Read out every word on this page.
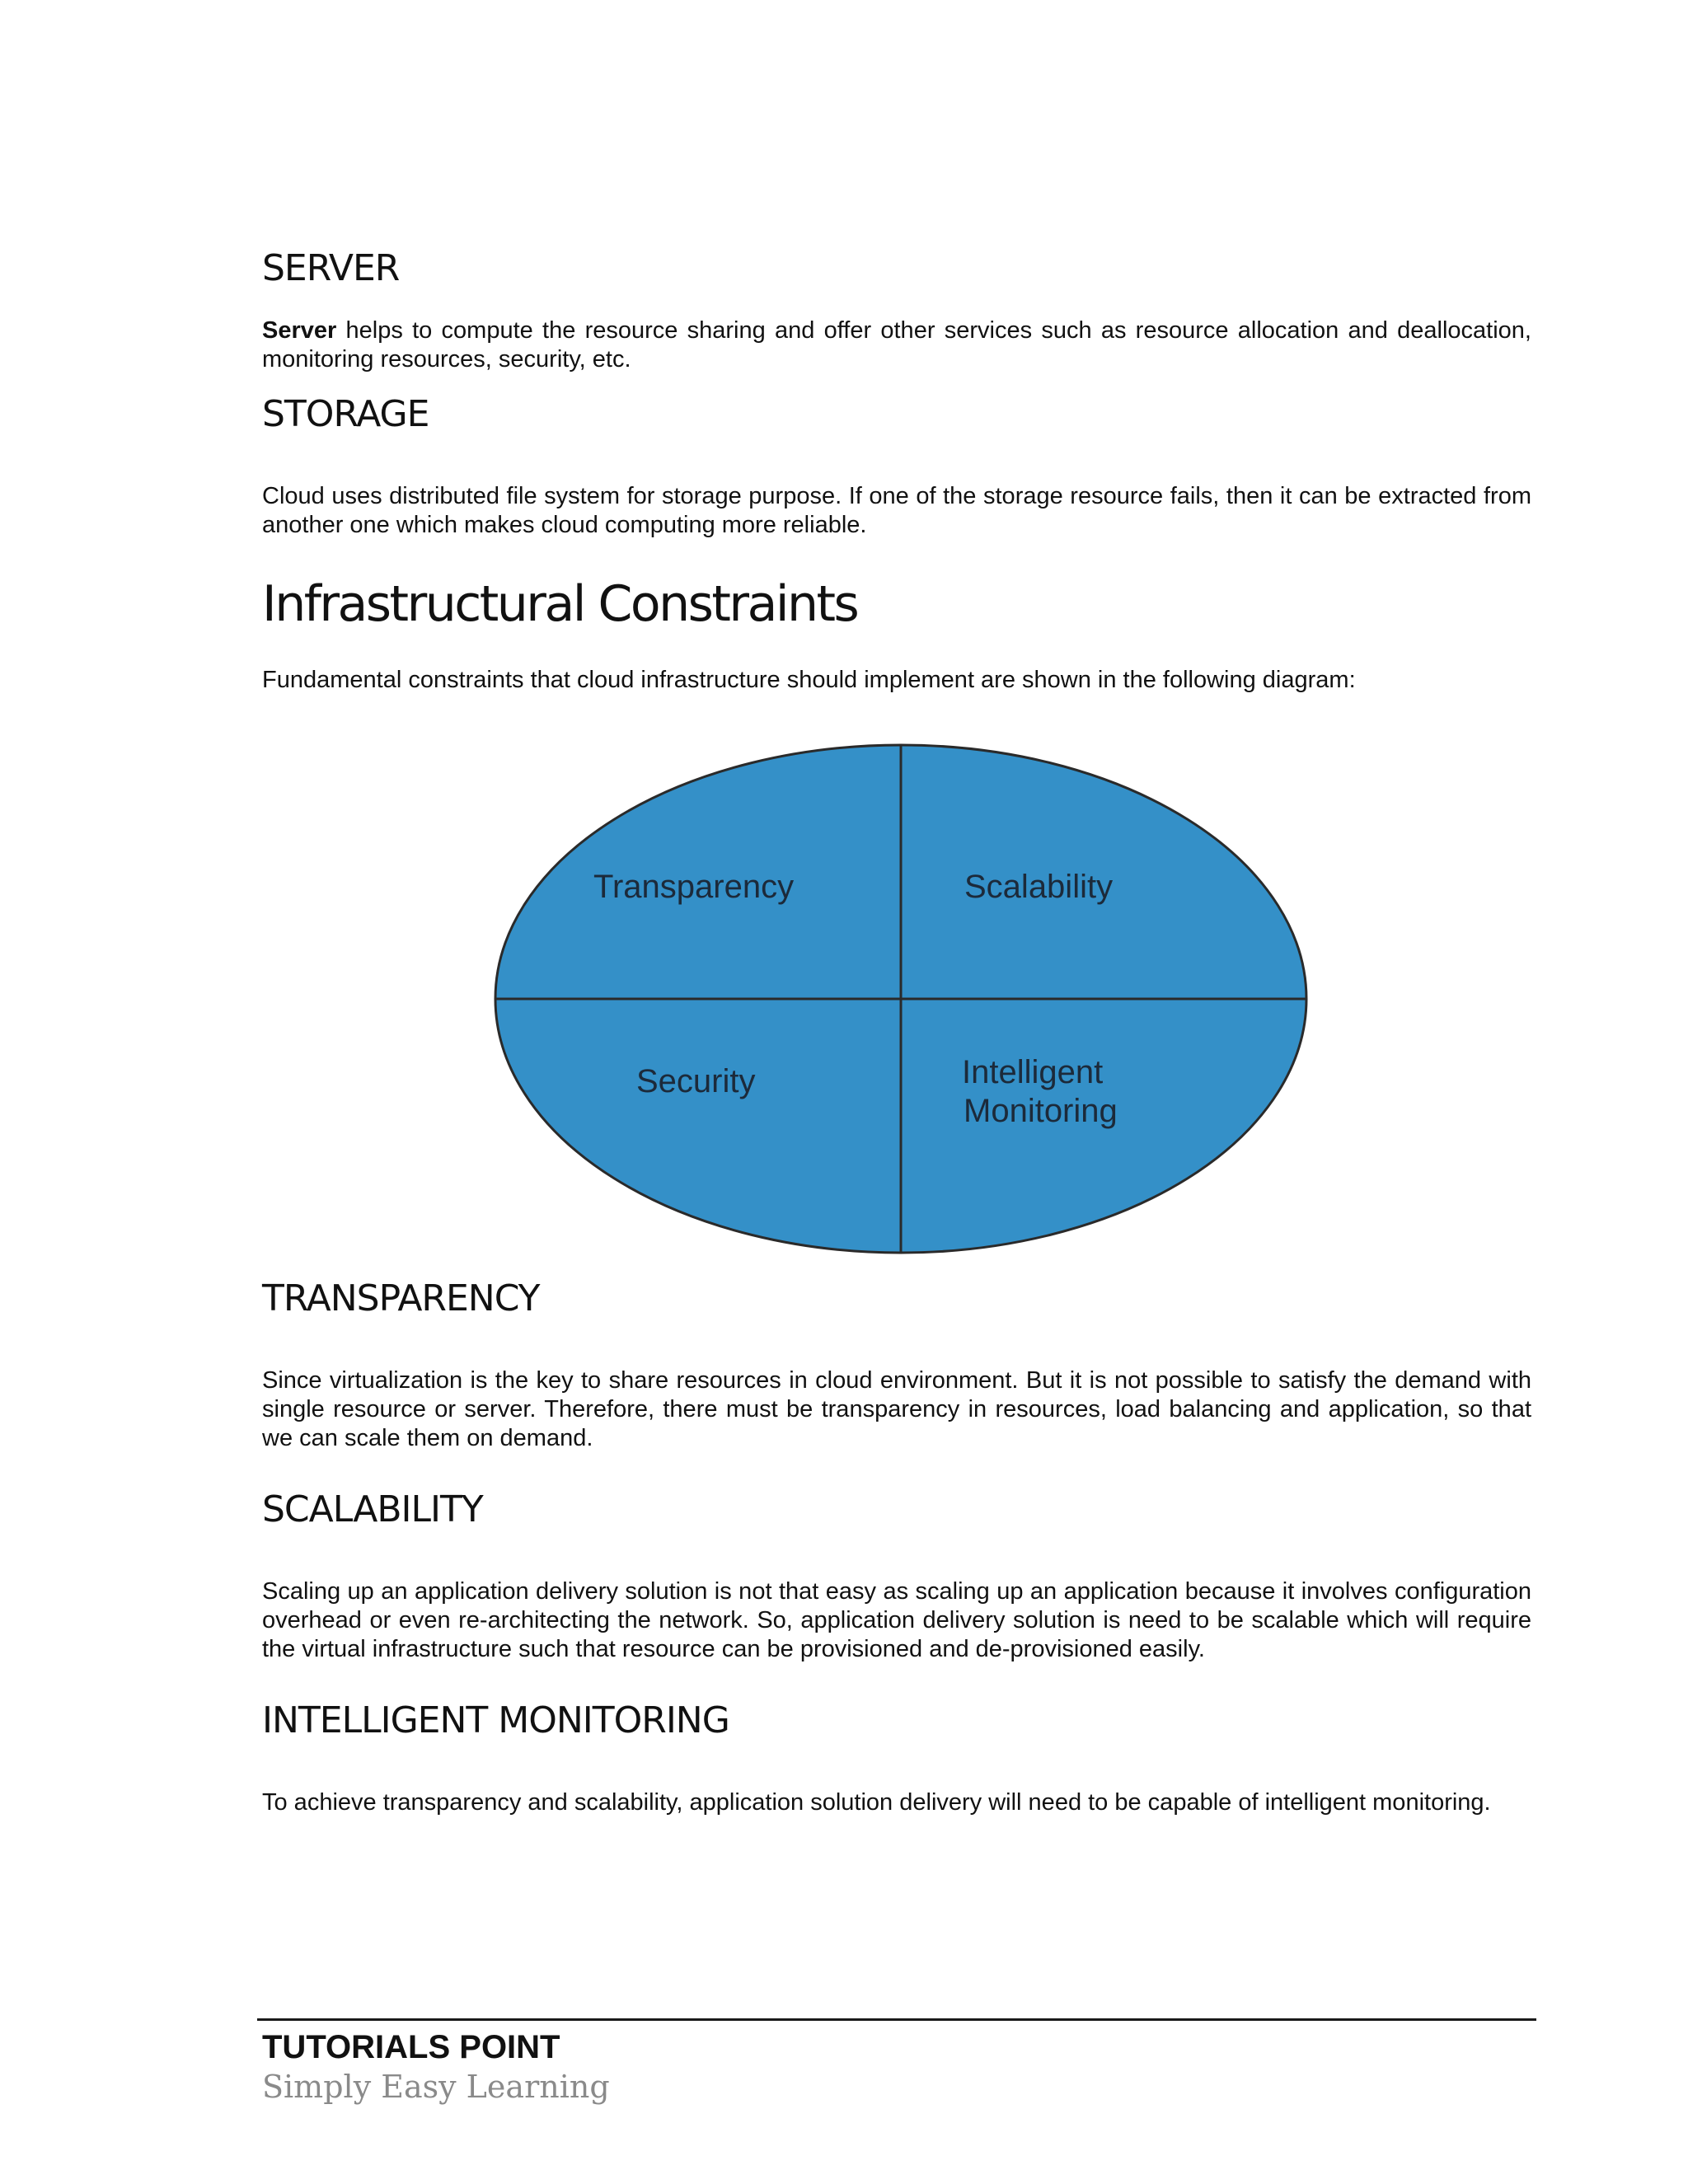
SERVER

Server helps to compute the resource sharing and offer other services such as resource allocation and deallocation, monitoring resources, security, etc.

STORAGE

Cloud uses distributed file system for storage purpose. If one of the storage resource fails, then it can be extracted from another one which makes cloud computing more reliable.

Infrastructural Constraints

Fundamental constraints that cloud infrastructure should implement are shown in the following diagram:

Transparency	Scalability
Security	Intelligent
Monitoring
TRANSPARENCY

Since virtualization is the key to share resources in cloud environment. But it is not possible to satisfy the demand with single resource or server. Therefore, there must be transparency in resources, load balancing and application, so that we can scale them on demand.

SCALABILITY

Scaling up an application delivery solution is not that easy as scaling up an application because it involves configuration overhead or even re-architecting the network. So, application delivery solution is need to be scalable which will require the virtual infrastructure such that resource can be provisioned and de-provisioned easily.

INTELLIGENT MONITORING

To achieve transparency and scalability, application solution delivery will need to be capable of intelligent monitoring.

TUTORIALS POINT

Simply Easy Learning
